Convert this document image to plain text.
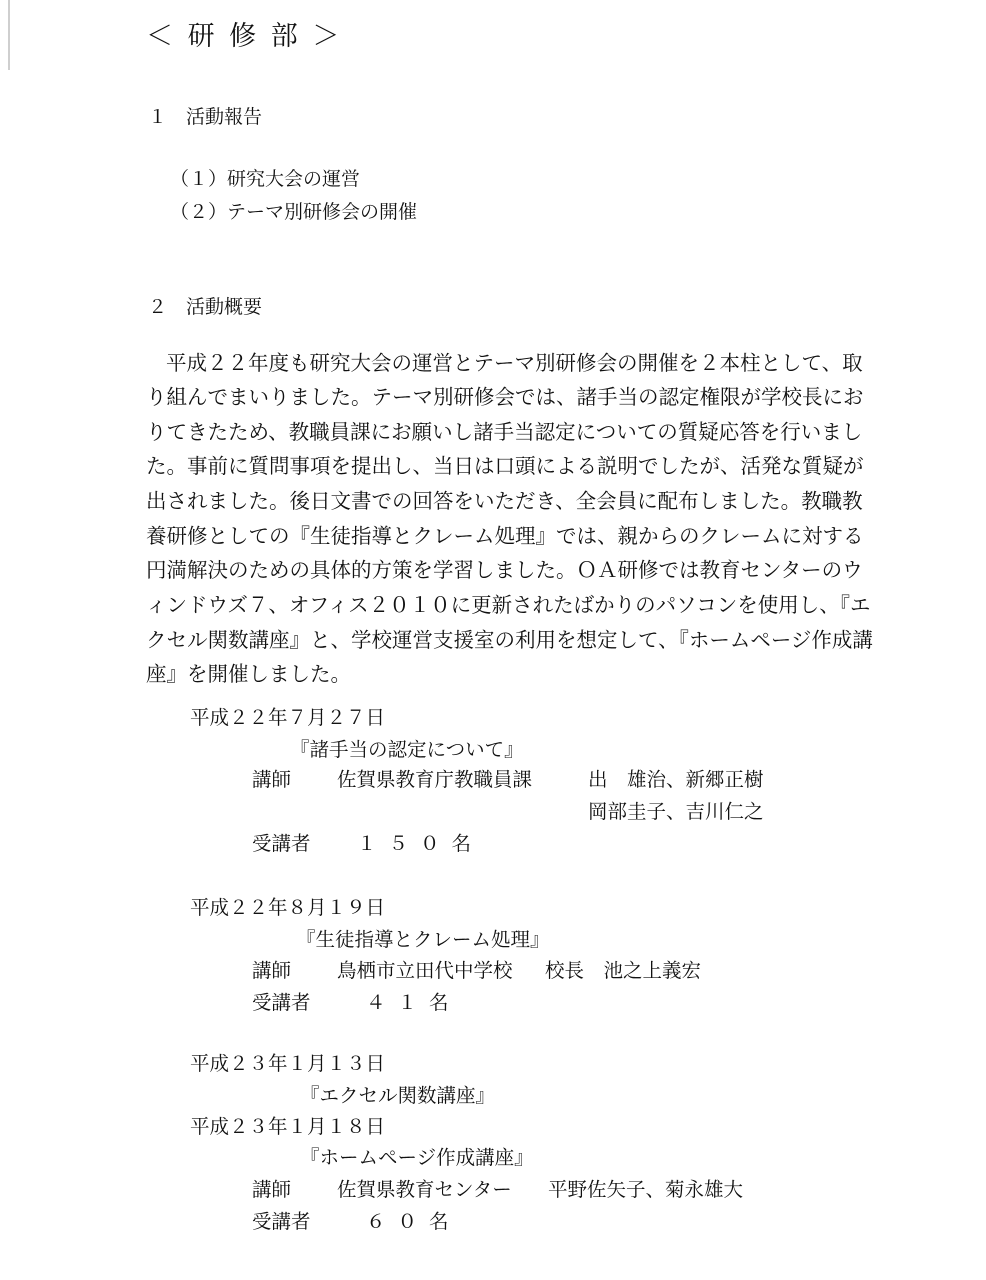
＜ 研 修 部 ＞
１　活動報告
（１）研究大会の運営
（２）テーマ別研修会の開催
２　活動概要
平成２２年度も研究大会の運営とテーマ別研修会の開催を２本柱として、取
り組んでまいりました。テーマ別研修会では、諸手当の認定権限が学校長にお
りてきたため、教職員課にお願いし諸手当認定についての質疑応答を行いまし
た。事前に質問事項を提出し、当日は口頭による説明でしたが、活発な質疑が
出されました。後日文書での回答をいただき、全会員に配布しました。教職教
養研修としての『生徒指導とクレーム処理』では、親からのクレームに対する
円満解決のための具体的方策を学習しました。ＯＡ研修では教育センターのウ
ィンドウズ７、オフィス２０１０に更新されたばかりのパソコンを使用し、『エ
クセル関数講座』と、学校運営支援室の利用を想定して、『ホームページ作成講
座』を開催しました。
平成２２年７月２７日
『諸手当の認定について』
講師 佐賀県教育庁教職員課	出　雄治、新郷正樹
岡部圭子、吉川仁之
受講者 １５０名
平成２２年８月１９日
『生徒指導とクレーム処理』
講師 鳥栖市立田代中学校 校長　池之上義宏
受講者	４１名
平成２３年１月１３日
『エクセル関数講座』
平成２３年１月１８日
『ホームページ作成講座』
講師 佐賀県教育センター 平野佐矢子、菊永雄大
受講者	６０名
